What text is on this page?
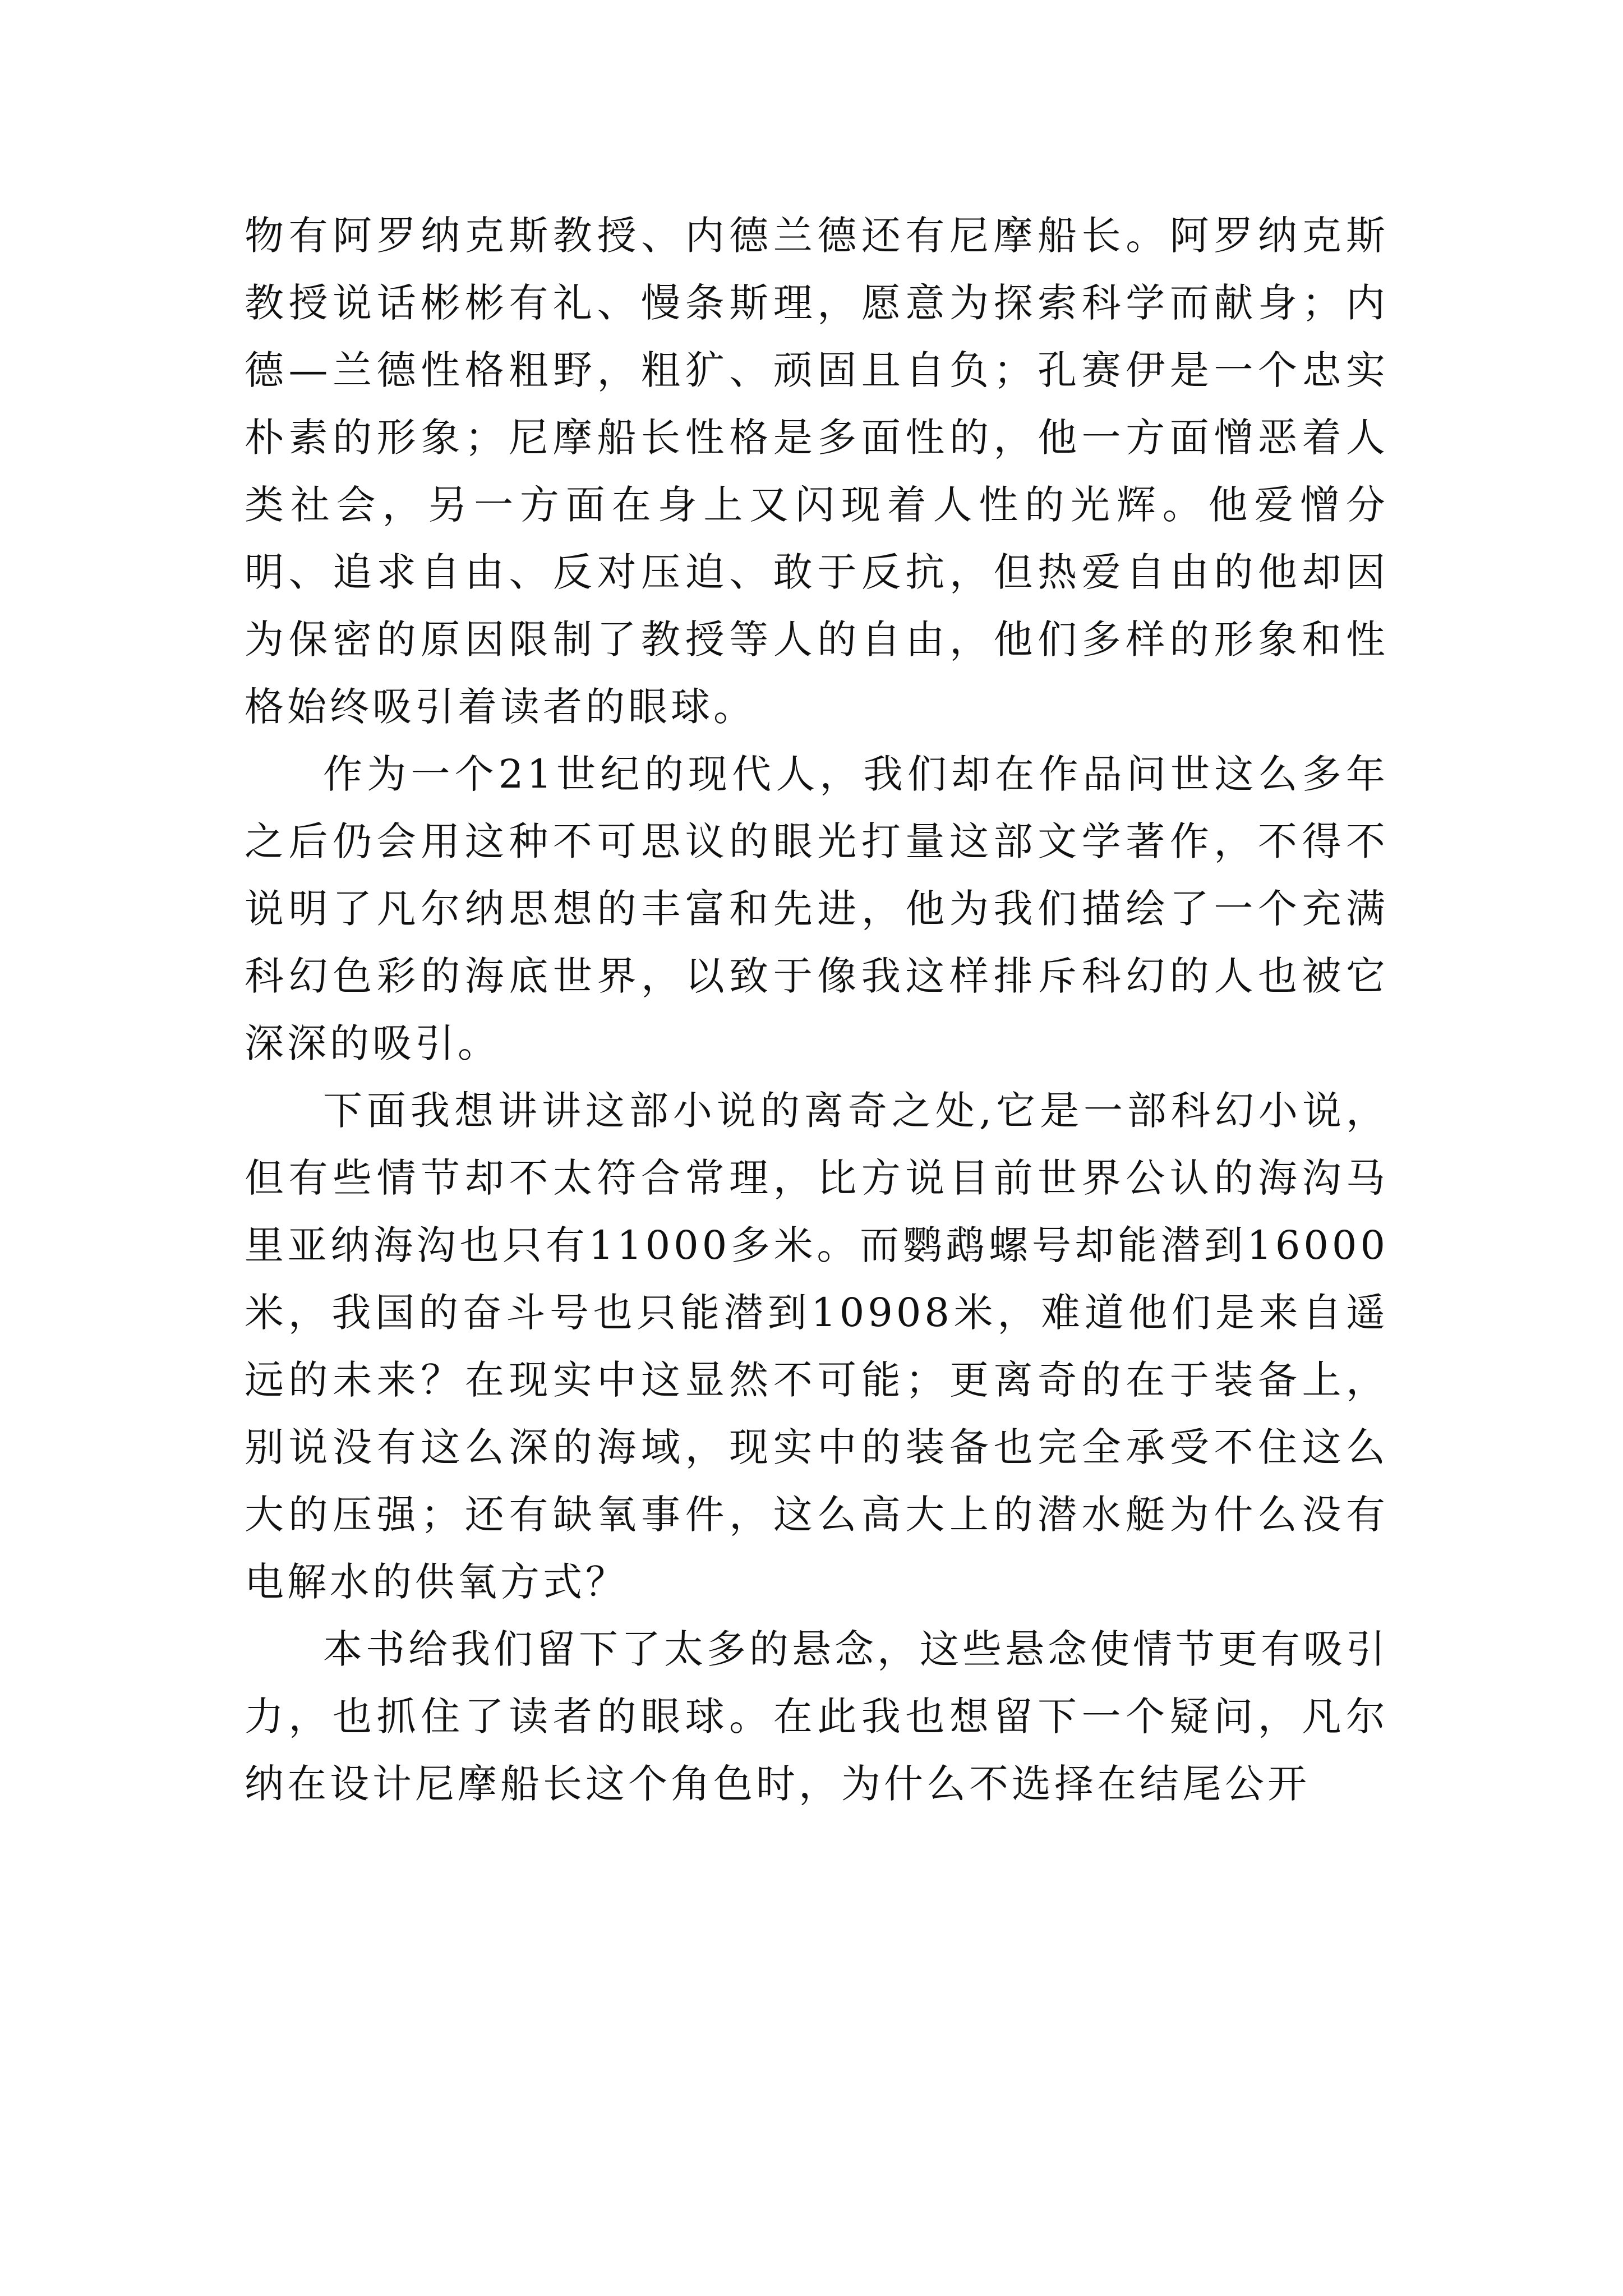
物有阿罗纳克斯教授、内德兰德还有尼摩船长。阿罗纳克斯教授说话彬彬有礼、慢条斯理，愿意为探索科学而献身；内德—兰德性格粗野，粗犷、顽固且自负；孔赛伊是一个忠实朴素的形象；尼摩船长性格是多面性的，他一方面憎恶着人类社会，另一方面在身上又闪现着人性的光辉。他爱憎分明、追求自由、反对压迫、敢于反抗，但热爱自由的他却因为保密的原因限制了教授等人的自由，他们多样的形象和性格始终吸引着读者的眼球。

作为一个21世纪的现代人，我们却在作品问世这么多年之后仍会用这种不可思议的眼光打量这部文学著作，不得不说明了凡尔纳思想的丰富和先进，他为我们描绘了一个充满科幻色彩的海底世界，以致于像我这样排斥科幻的人也被它深深的吸引。

下面我想讲讲这部小说的离奇之处,它是一部科幻小说，但有些情节却不太符合常理，比方说目前世界公认的海沟马里亚纳海沟也只有11000多米。而鹦鹉螺号却能潜到16000米，我国的奋斗号也只能潜到10908米，难道他们是来自遥远的未来？在现实中这显然不可能；更离奇的在于装备上，别说没有这么深的海域，现实中的装备也完全承受不住这么大的压强；还有缺氧事件，这么高大上的潜水艇为什么没有电解水的供氧方式？

本书给我们留下了太多的悬念，这些悬念使情节更有吸引力，也抓住了读者的眼球。在此我也想留下一个疑问，凡尔纳在设计尼摩船长这个角色时，为什么不选择在结尾公开
